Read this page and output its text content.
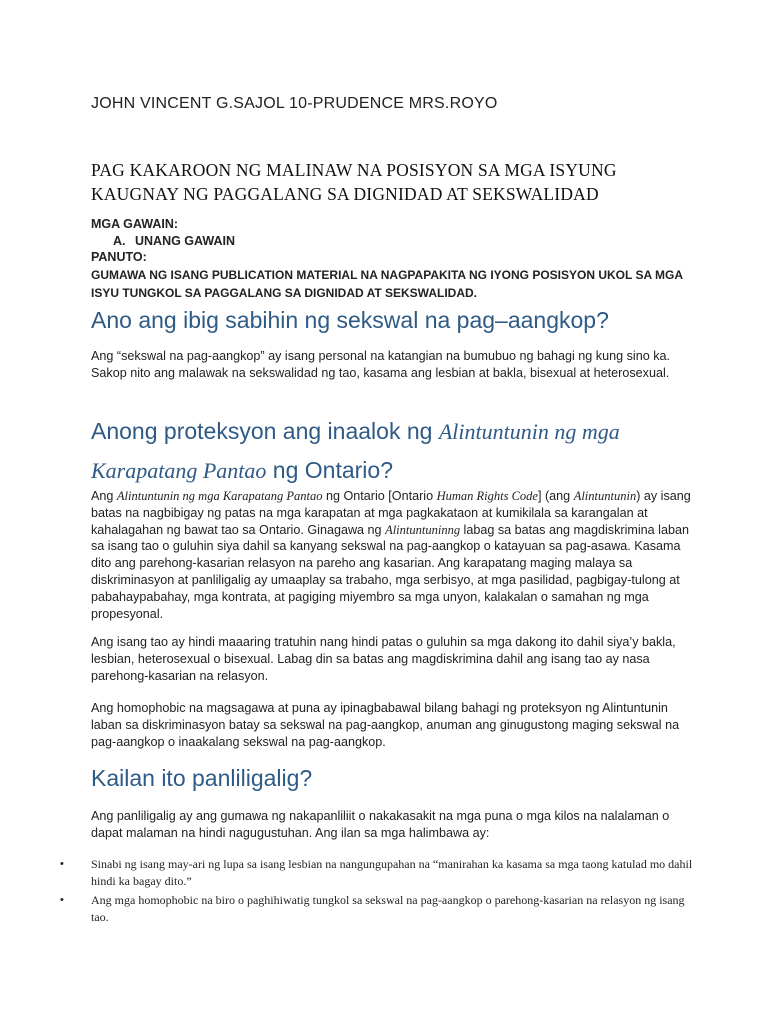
JOHN VINCENT G.SAJOL 10-PRUDENCE MRS.ROYO

PAG KAKAROON NG MALINAW NA POSISYON SA MGA ISYUNG
KAUGNAY NG PAGGALANG SA DIGNIDAD AT SEKSWALIDAD

MGA GAWAIN:

A. UNANG GAWAIN

PANUTO:

GUMAWA NG ISANG PUBLICATION MATERIAL NA NAGPAPAKITA NG IYONG POSISYON UKOL SA MGA ISYU TUNGKOL SA PAGGALANG SA DIGNIDAD AT SEKSWALIDAD.

Ano ang ibig sabihin ng sekswal na pag–aangkop?

Ang “sekswal na pag-aangkop” ay isang personal na katangian na bumubuo ng bahagi ng kung sino ka. Sakop nito ang malawak na sekswalidad ng tao, kasama ang lesbian at bakla, bisexual at heterosexual.

Anong proteksyon ang inaalok ng Alintuntunin ng mga Karapatang Pantao ng Ontario?

Ang Alintuntunin ng mga Karapatang Pantao ng Ontario [Ontario Human Rights Code] (ang Alintuntunin) ay isang batas na nagbibigay ng patas na mga karapatan at mga pagkakataon at kumikilala sa karangalan at kahalagahan ng bawat tao sa Ontario. Ginagawa ng Alintuntuninng labag sa batas ang magdiskrimina laban sa isang tao o guluhin siya dahil sa kanyang sekswal na pag-aangkop o katayuan sa pag-asawa. Kasama dito ang parehong-kasarian relasyon na pareho ang kasarian. Ang karapatang maging malaya sa diskriminasyon at panliligalig ay umaaplay sa trabaho, mga serbisyo, at mga pasilidad, pagbigay-tulong at pabahaypabahay, mga kontrata, at pagiging miyembro sa mga unyon, kalakalan o samahan ng mga propesyonal.

Ang isang tao ay hindi maaaring tratuhin nang hindi patas o guluhin sa mga dakong ito dahil siya’y bakla, lesbian, heterosexual o bisexual. Labag din sa batas ang magdiskrimina dahil ang isang tao ay nasa parehong-kasarian na relasyon.

Ang homophobic na magsagawa at puna ay ipinagbabawal bilang bahagi ng proteksyon ng Alintuntunin laban sa diskriminasyon batay sa sekswal na pag-aangkop, anuman ang ginugustong maging sekswal na pag-aangkop o inaakalang sekswal na pag-aangkop.

Kailan ito panliligalig?

Ang panliligalig ay ang gumawa ng nakapanliliit o nakakasakit na mga puna o mga kilos na nalalaman o dapat malaman na hindi nagugustuhan. Ang ilan sa mga halimbawa ay:

• Sinabi ng isang may-ari ng lupa sa isang lesbian na nangungupahan na “manirahan ka kasama sa mga taong katulad mo dahil hindi ka bagay dito.”
• Ang mga homophobic na biro o paghihiwatig tungkol sa sekswal na pag-aangkop o parehong-kasarian na relasyon ng isang tao.
